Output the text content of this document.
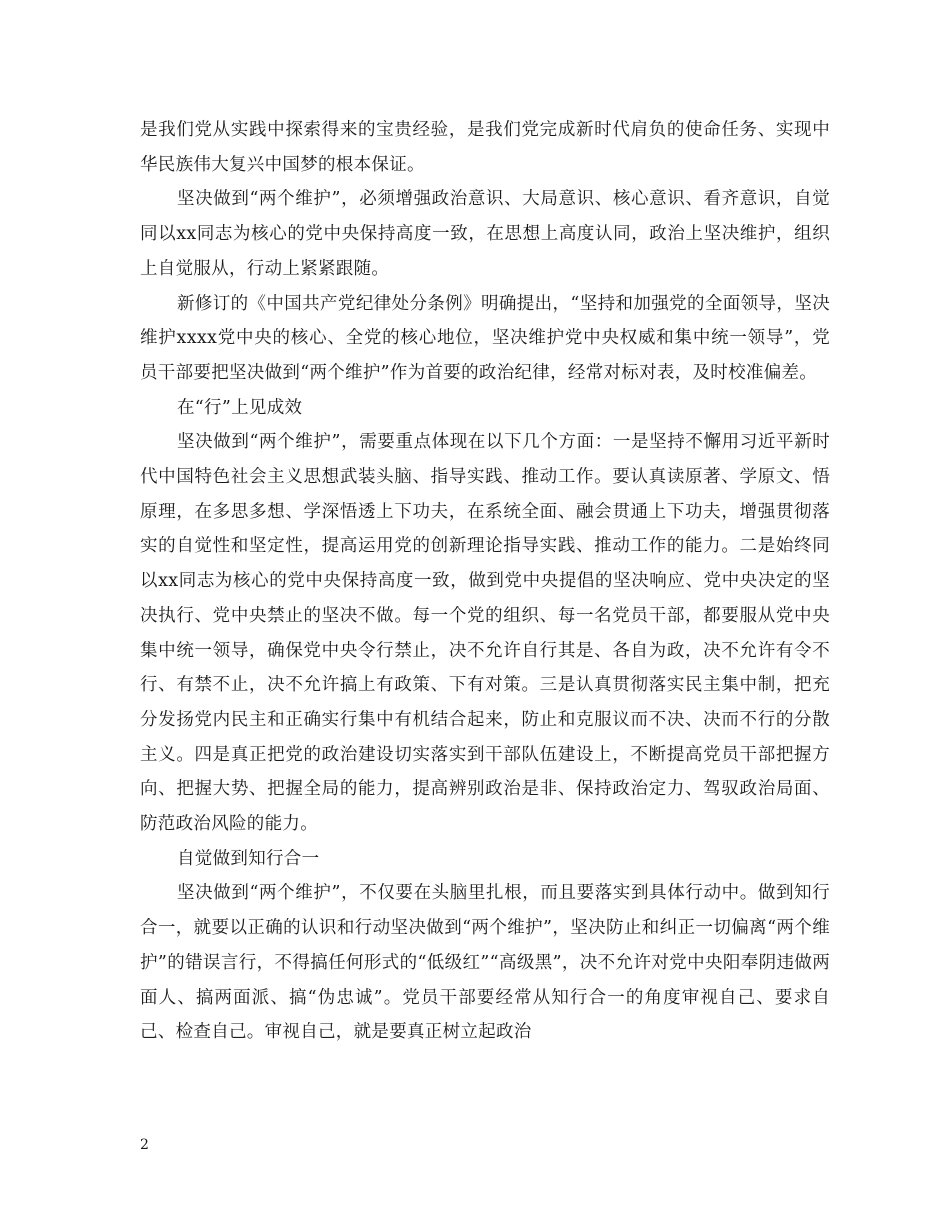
是我们党从实践中探索得来的宝贵经验，是我们党完成新时代肩负的使命任务、实现中华民族伟大复兴中国梦的根本保证。

坚决做到“两个维护”，必须增强政治意识、大局意识、核心意识、看齐意识，自觉同以xx同志为核心的党中央保持高度一致，在思想上高度认同，政治上坚决维护，组织上自觉服从，行动上紧紧跟随。

新修订的《中国共产党纪律处分条例》明确提出，“坚持和加强党的全面领导，坚决维护xxxx党中央的核心、全党的核心地位，坚决维护党中央权威和集中统一领导”，党员干部要把坚决做到“两个维护”作为首要的政治纪律，经常对标对表，及时校准偏差。

在“行”上见成效

坚决做到“两个维护”，需要重点体现在以下几个方面：一是坚持不懈用习近平新时代中国特色社会主义思想武装头脑、指导实践、推动工作。要认真读原著、学原文、悟原理，在多思多想、学深悟透上下功夫，在系统全面、融会贯通上下功夫，增强贯彻落实的自觉性和坚定性，提高运用党的创新理论指导实践、推动工作的能力。二是始终同以xx同志为核心的党中央保持高度一致，做到党中央提倡的坚决响应、党中央决定的坚决执行、党中央禁止的坚决不做。每一个党的组织、每一名党员干部，都要服从党中央集中统一领导，确保党中央令行禁止，决不允许自行其是、各自为政，决不允许有令不行、有禁不止，决不允许搞上有政策、下有对策。三是认真贯彻落实民主集中制，把充分发扬党内民主和正确实行集中有机结合起来，防止和克服议而不决、决而不行的分散主义。四是真正把党的政治建设切实落实到干部队伍建设上，不断提高党员干部把握方向、把握大势、把握全局的能力，提高辨别政治是非、保持政治定力、驾驭政治局面、防范政治风险的能力。

自觉做到知行合一

坚决做到“两个维护”，不仅要在头脑里扎根，而且要落实到具体行动中。做到知行合一，就要以正确的认识和行动坚决做到“两个维护”，坚决防止和纠正一切偏离“两个维护”的错误言行，不得搞任何形式的“低级红”“高级黑”，决不允许对党中央阳奉阴违做两面人、搞两面派、搞“伪忠诚”。党员干部要经常从知行合一的角度审视自己、要求自己、检查自己。审视自己，就是要真正树立起政治

2
